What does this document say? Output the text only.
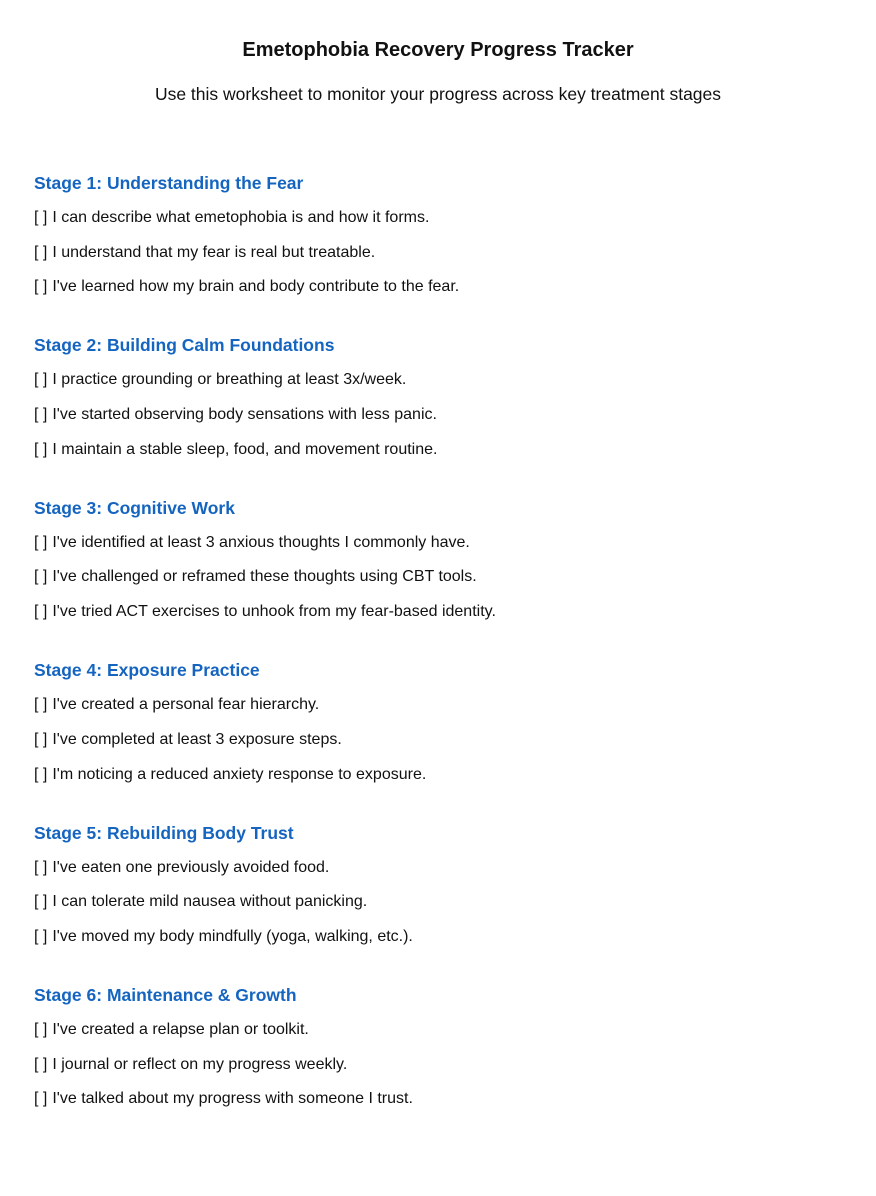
Emetophobia Recovery Progress Tracker

Use this worksheet to monitor your progress across key treatment stages

Stage 1: Understanding the Fear
[ ] I can describe what emetophobia is and how it forms.
[ ] I understand that my fear is real but treatable.
[ ] I've learned how my brain and body contribute to the fear.
Stage 2: Building Calm Foundations
[ ] I practice grounding or breathing at least 3x/week.
[ ] I've started observing body sensations with less panic.
[ ] I maintain a stable sleep, food, and movement routine.
Stage 3: Cognitive Work
[ ] I've identified at least 3 anxious thoughts I commonly have.
[ ] I've challenged or reframed these thoughts using CBT tools.
[ ] I've tried ACT exercises to unhook from my fear-based identity.
Stage 4: Exposure Practice
[ ] I've created a personal fear hierarchy.
[ ] I've completed at least 3 exposure steps.
[ ] I'm noticing a reduced anxiety response to exposure.
Stage 5: Rebuilding Body Trust
[ ] I've eaten one previously avoided food.
[ ] I can tolerate mild nausea without panicking.
[ ] I've moved my body mindfully (yoga, walking, etc.).
Stage 6: Maintenance & Growth
[ ] I've created a relapse plan or toolkit.
[ ] I journal or reflect on my progress weekly.
[ ] I've talked about my progress with someone I trust.
